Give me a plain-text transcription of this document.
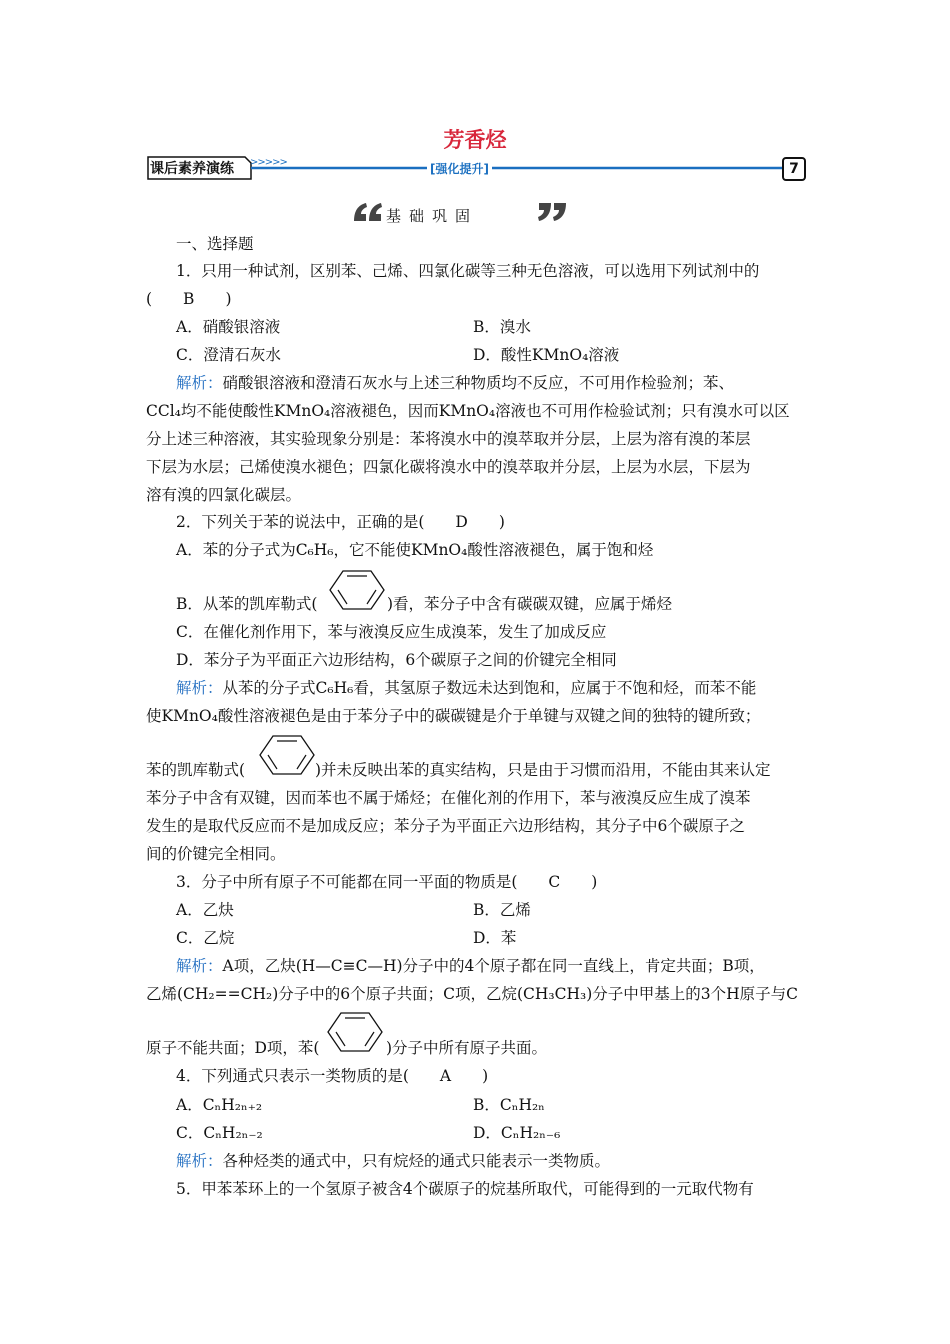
芳香烃
课后素养演练 >>>>>	[强化提升]	7
基础巩固
一、选择题
1．只用一种试剂，区别苯、己烯、四氯化碳等三种无色溶液，可以选用下列试剂中的
(　　B　　)
A．硝酸银溶液	B．溴水
C．澄清石灰水	D．酸性KMnO₄溶液
解析：硝酸银溶液和澄清石灰水与上述三种物质均不反应，不可用作检验剂；苯、
CCl₄均不能使酸性KMnO₄溶液褪色，因而KMnO₄溶液也不可用作检验试剂；只有溴水可以区
分上述三种溶液，其实验现象分别是：苯将溴水中的溴萃取并分层，上层为溶有溴的苯层
下层为水层；己烯使溴水褪色；四氯化碳将溴水中的溴萃取并分层，上层为水层，下层为
溶有溴的四氯化碳层。
2．下列关于苯的说法中，正确的是(　　D　　)
A．苯的分子式为C₆H₆，它不能使KMnO₄酸性溶液褪色，属于饱和烃
B．从苯的凯库勒式(	)看，苯分子中含有碳碳双键，应属于烯烃
C．在催化剂作用下，苯与液溴反应生成溴苯，发生了加成反应
D．苯分子为平面正六边形结构，6个碳原子之间的价键完全相同
解析：从苯的分子式C₆H₆看，其氢原子数远未达到饱和，应属于不饱和烃，而苯不能
使KMnO₄酸性溶液褪色是由于苯分子中的碳碳键是介于单键与双键之间的独特的键所致；
苯的凯库勒式(	)并未反映出苯的真实结构，只是由于习惯而沿用，不能由其来认定
苯分子中含有双键，因而苯也不属于烯烃；在催化剂的作用下，苯与液溴反应生成了溴苯
发生的是取代反应而不是加成反应；苯分子为平面正六边形结构，其分子中6个碳原子之
间的价键完全相同。
3．分子中所有原子不可能都在同一平面的物质是(　　C　　)
A．乙炔	B．乙烯
C．乙烷	D．苯
解析：A项，乙炔(H—C≡C—H)分子中的4个原子都在同一直线上，肯定共面；B项，
乙烯(CH₂==CH₂)分子中的6个原子共面；C项，乙烷(CH₃CH₃)分子中甲基上的3个H原子与C
原子不能共面；D项，苯(	)分子中所有原子共面。
4．下列通式只表示一类物质的是(　　A　　)
A．CₙH₂ₙ₊₂	B．CₙH₂ₙ
C．CₙH₂ₙ₋₂	D．CₙH₂ₙ₋₆
解析：各种烃类的通式中，只有烷烃的通式只能表示一类物质。
5．甲苯苯环上的一个氢原子被含4个碳原子的烷基所取代，可能得到的一元取代物有
